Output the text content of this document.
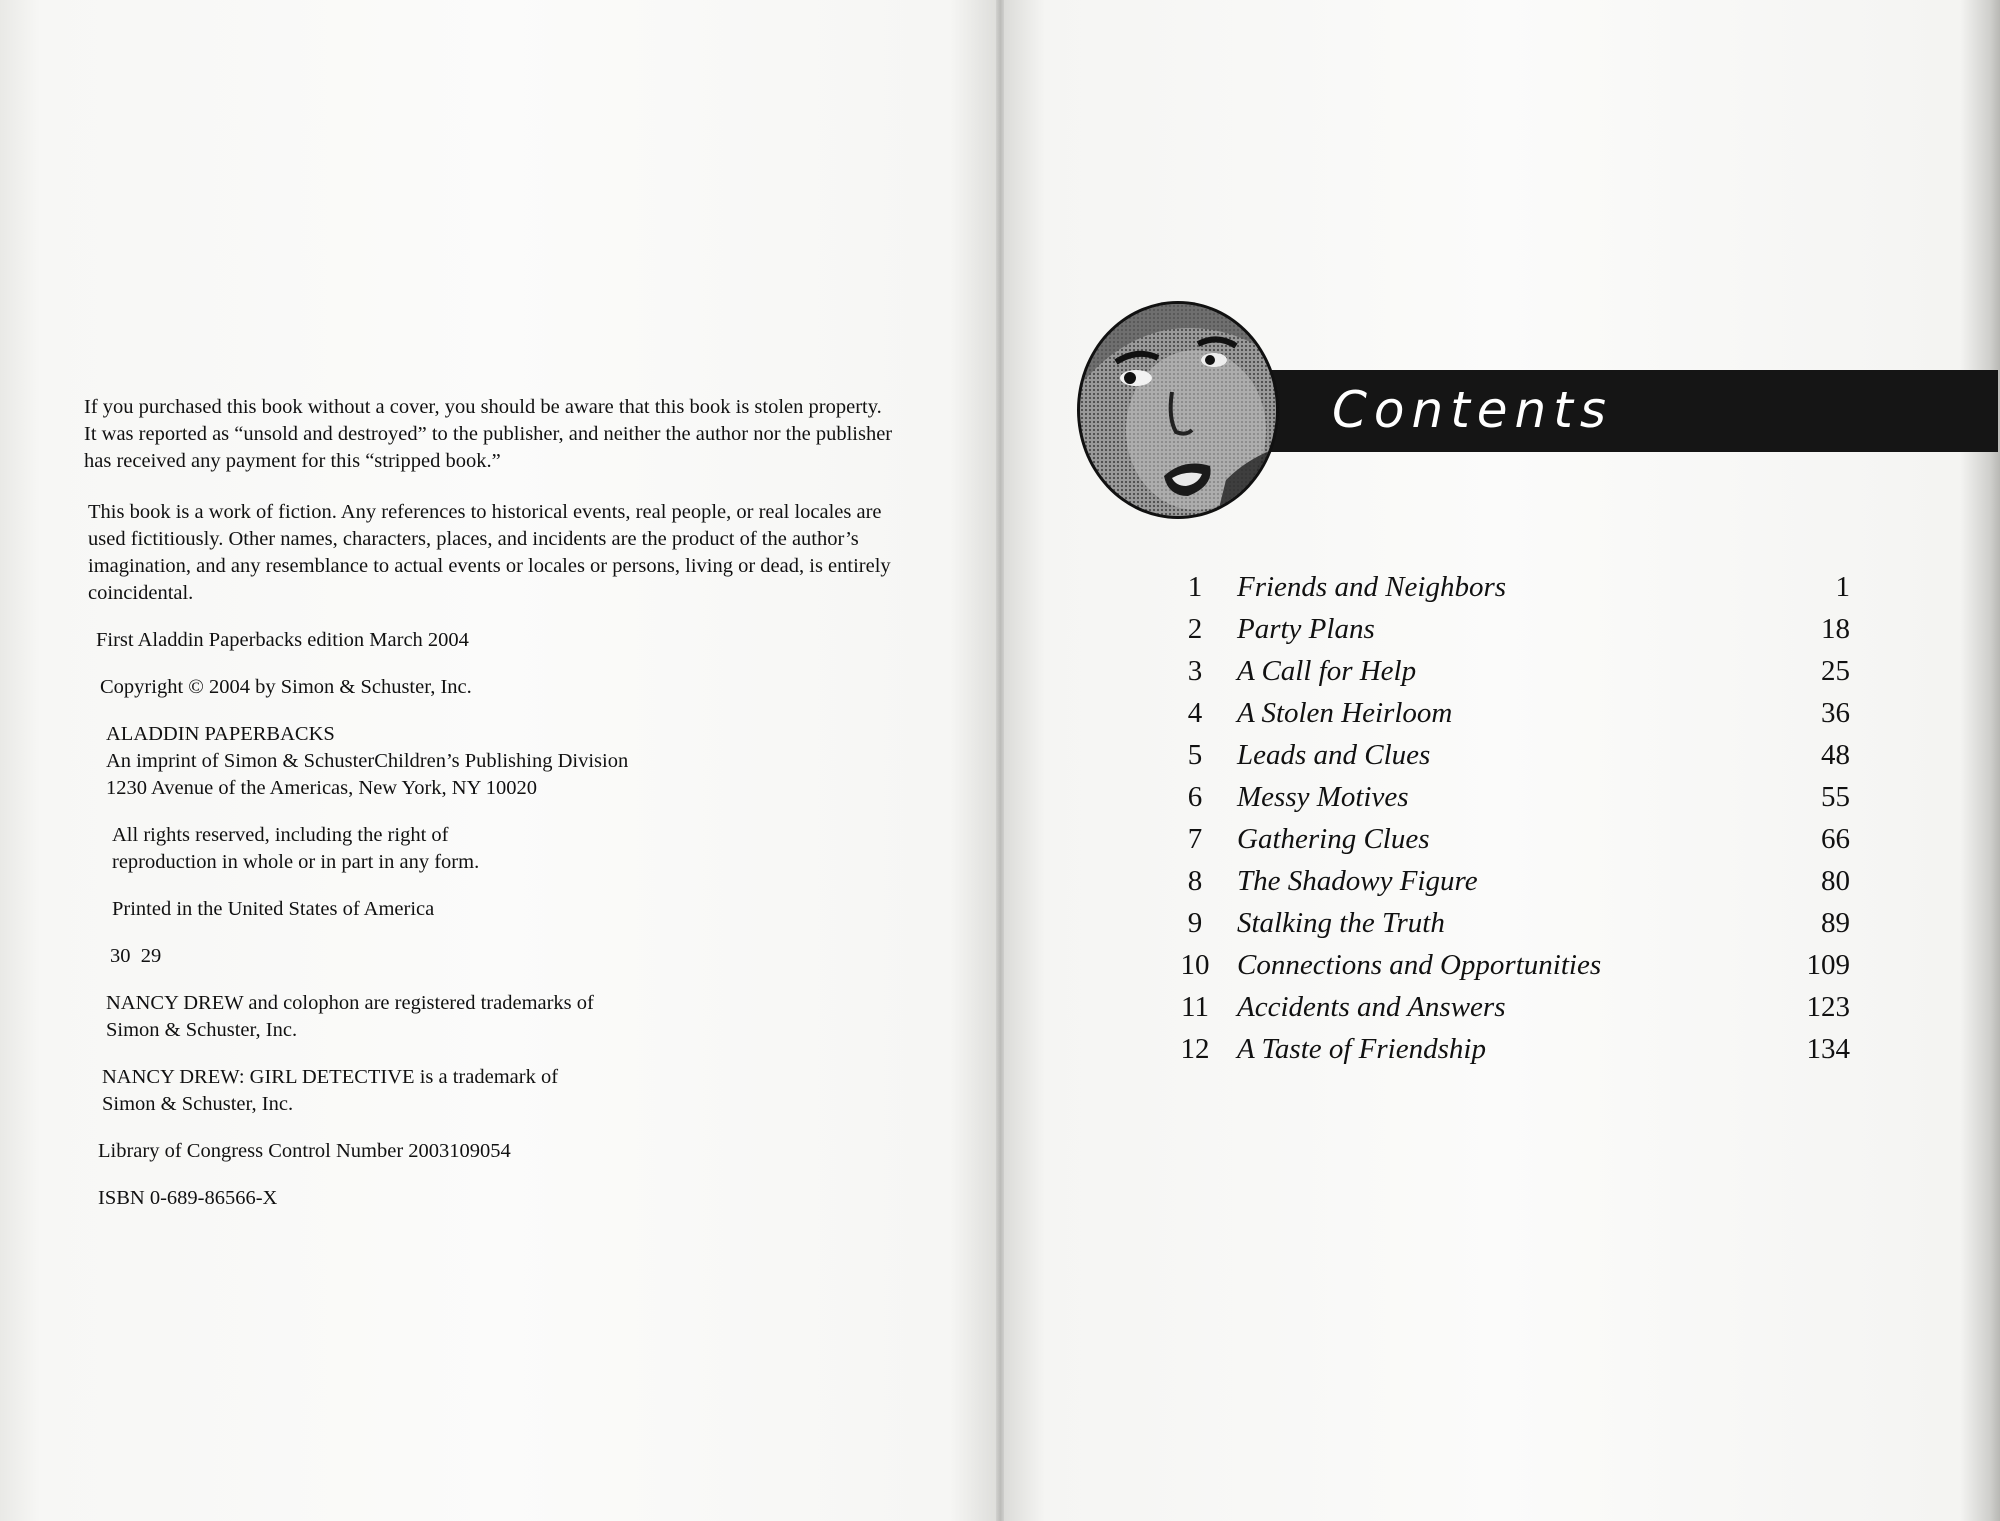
If you purchased this book without a cover, you should be aware that this book is stolen property. It was reported as “unsold and destroyed” to the publisher, and neither the author nor the publisher has received any payment for this “stripped book.”

This book is a work of fiction. Any references to historical events, real people, or real locales are used fictitiously. Other names, characters, places, and incidents are the product of the author’s imagination, and any resemblance to actual events or locales or persons, living or dead, is entirely coincidental.

First Aladdin Paperbacks edition March 2004

Copyright © 2004 by Simon & Schuster, Inc.

ALADDIN PAPERBACKS
An imprint of Simon & SchusterChildren’s Publishing Division
1230 Avenue of the Americas, New York, NY 10020
All rights reserved, including the right of
reproduction in whole or in part in any form.

Printed in the United States of America

30  29

NANCY DREW and colophon are registered trademarks of
Simon & Schuster, Inc.
NANCY DREW: GIRL DETECTIVE is a trademark of
Simon & Schuster, Inc.

Library of Congress Control Number 2003109054

ISBN 0-689-86566-X

Contents
1	Friends and Neighbors	1
2	Party Plans	18
3	A Call for Help	25
4	A Stolen Heirloom	36
5	Leads and Clues	48
6	Messy Motives	55
7	Gathering Clues	66
8	The Shadowy Figure	80
9	Stalking the Truth	89
10 Connections and Opportunities	109
11 Accidents and Answers	123
12 A Taste of Friendship	134
